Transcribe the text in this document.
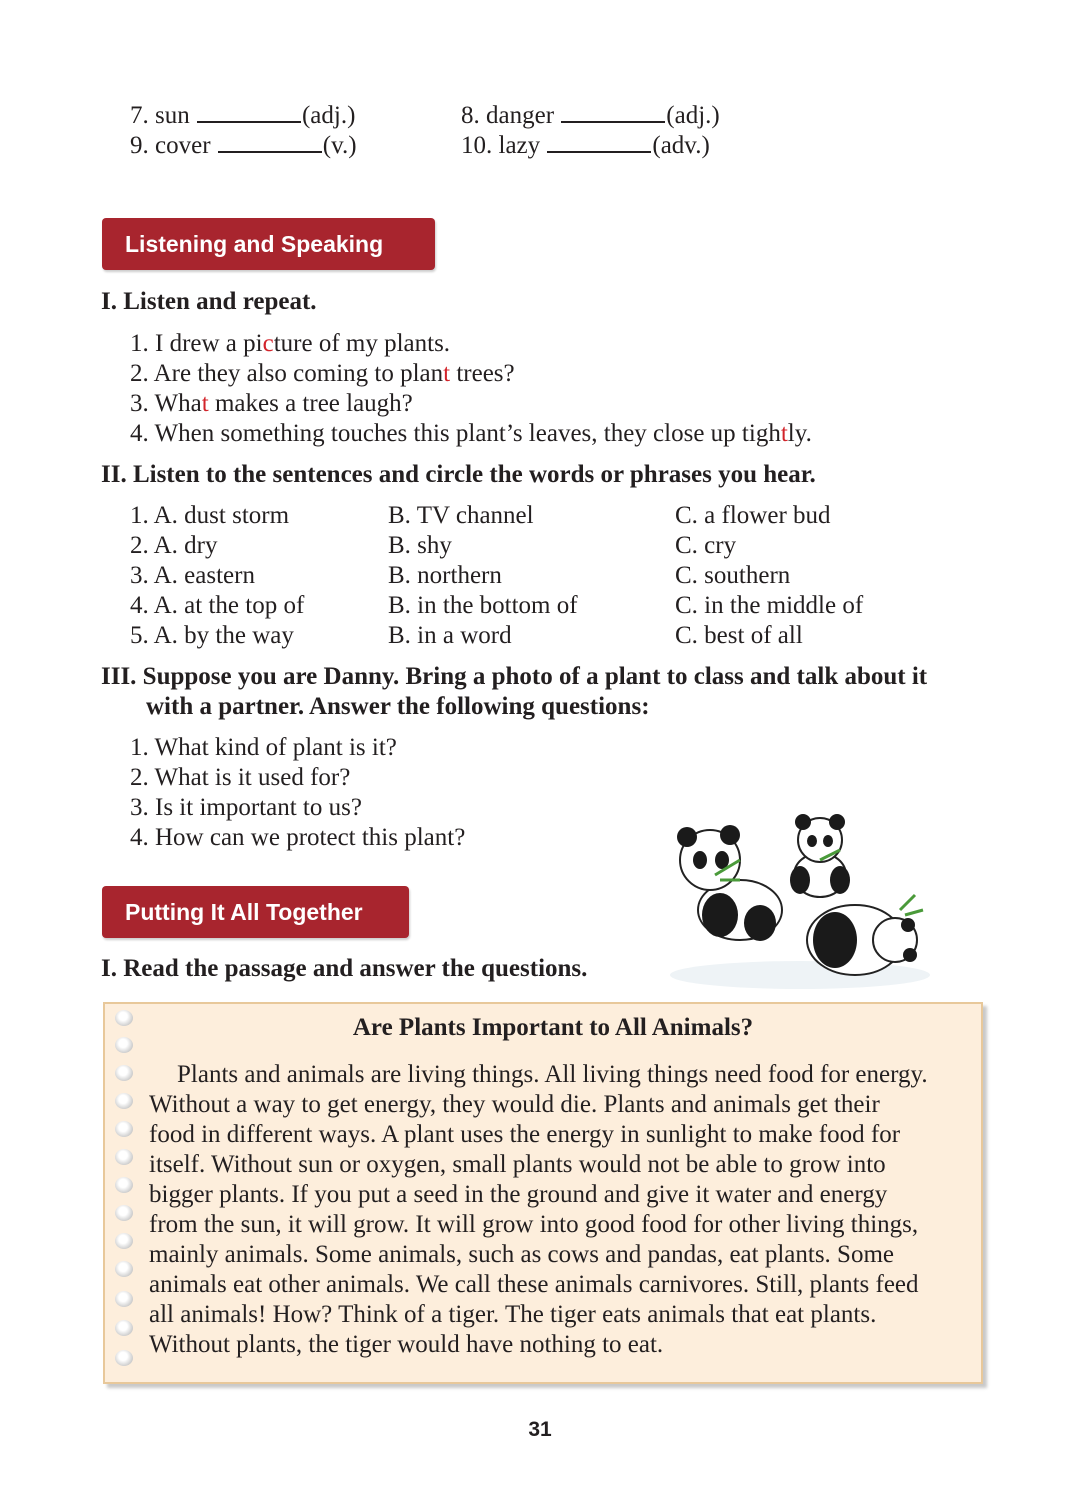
7. sun	(adj.)	8. danger	(adj.)
9. cover	(v.)	10. lazy	(adv.)
Listening and Speaking
I. Listen and repeat.
1. I drew a picture of my plants.
2. Are they also coming to plant trees?
3. What makes a tree laugh?
4. When something touches this plant’s leaves, they close up tightly.
II. Listen to the sentences and circle the words or phrases you hear.
1. A. dust storm	B. TV channel	C. a flower bud
2. A. dry	B. shy	C. cry
3. A. eastern	B. northern	C. southern
4. A. at the top of	B. in the bottom of	C. in the middle of
5. A. by the way	B. in a word	C. best of all
III. Suppose you are Danny. Bring a photo of a plant to class and talk about it
with a partner. Answer the following questions:
1. What kind of plant is it?
2. What is it used for?
3. Is it important to us?
4. How can we protect this plant?
Putting It All Together
I. Read the passage and answer the questions.
Are Plants Important to All Animals?
Plants and animals are living things. All living things need food for energy.
Without a way to get energy, they would die. Plants and animals get their
food in different ways. A plant uses the energy in sunlight to make food for
itself. Without sun or oxygen, small plants would not be able to grow into
bigger plants. If you put a seed in the ground and give it water and energy
from the sun, it will grow. It will grow into good food for other living things,
mainly animals. Some animals, such as cows and pandas, eat plants. Some
animals eat other animals. We call these animals carnivores. Still, plants feed
all animals! How? Think of a tiger. The tiger eats animals that eat plants.
Without plants, the tiger would have nothing to eat.
31
